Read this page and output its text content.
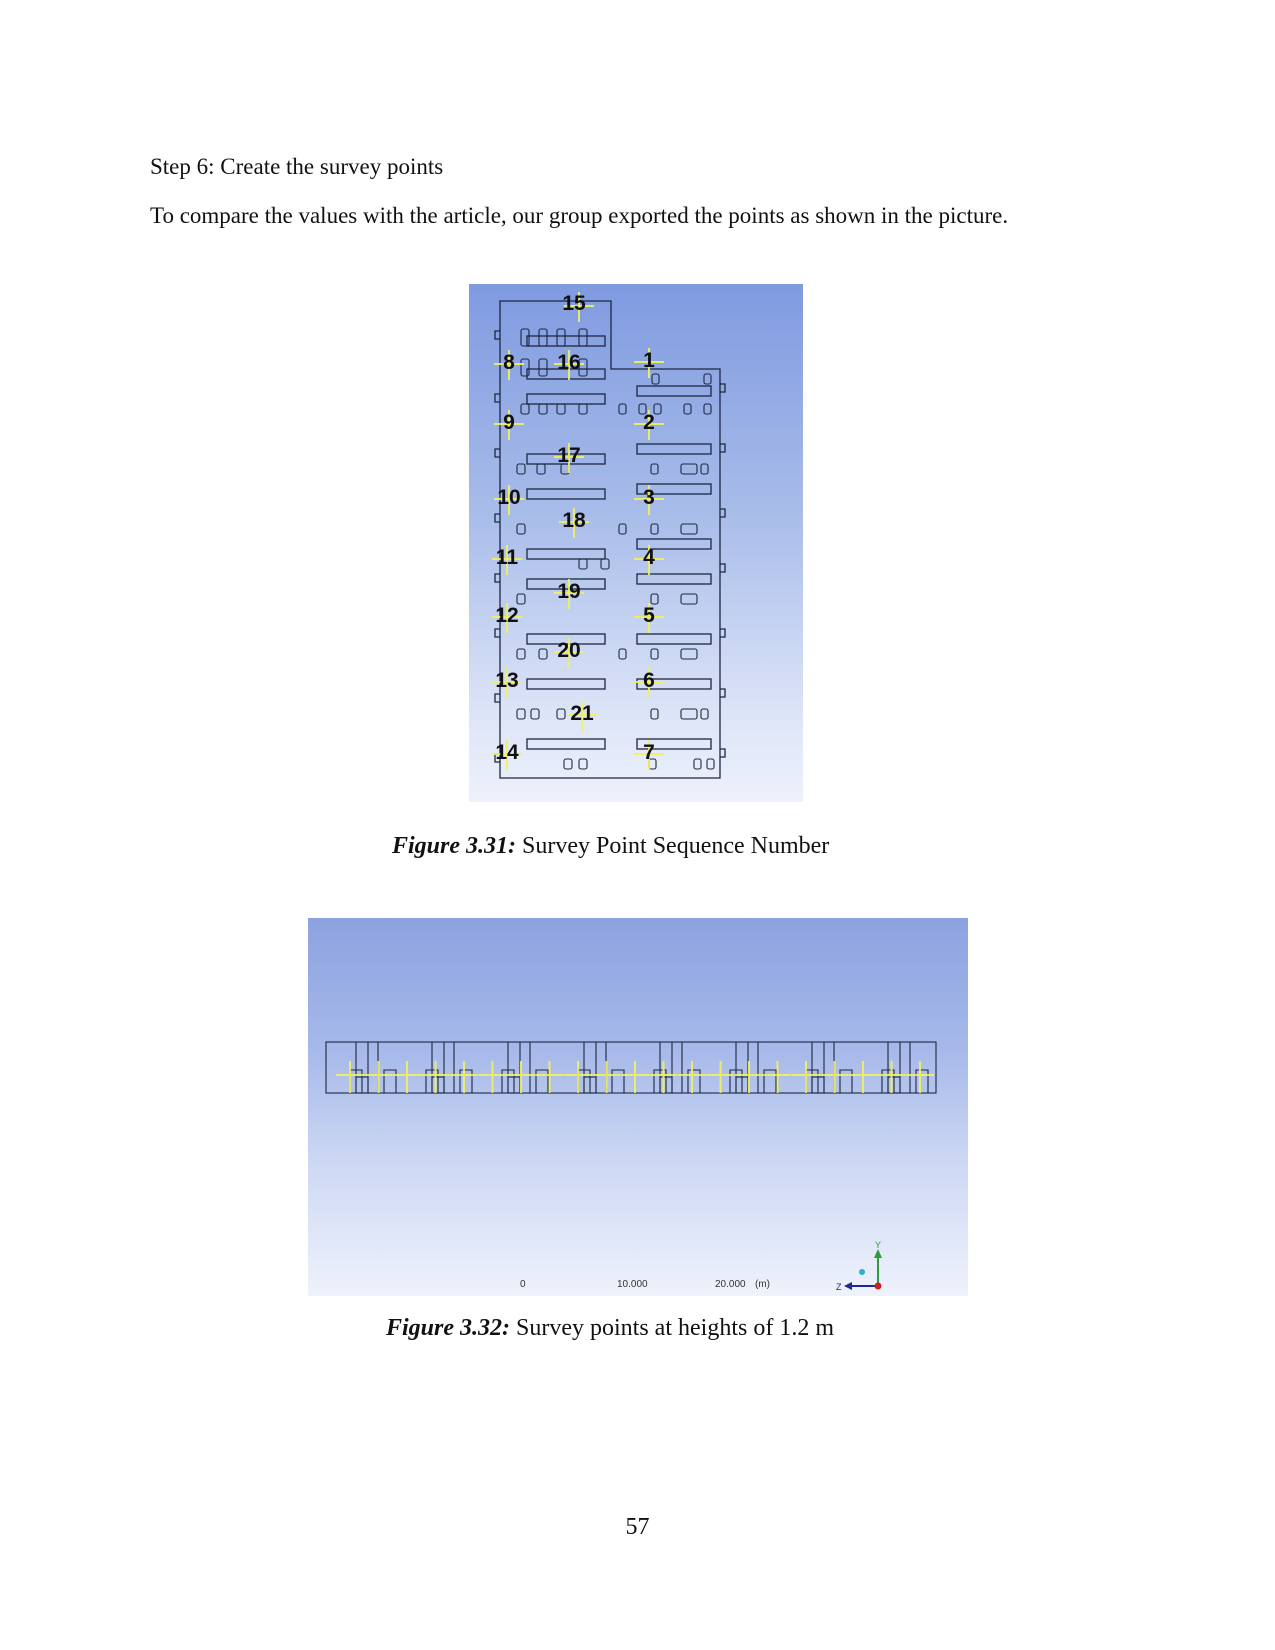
Step 6: Create the survey points
To compare the values with the article, our group exported the points as shown in the picture.
15
8 16	1
9	2
17
10	3
18
11	4
19
12	5
20
13	6
21
14	7
Figure 3.31: Survey Point Sequence Number
Y
Z
0	10.000	20.000 (m)
Figure 3.32: Survey points at heights of 1.2 m
57
